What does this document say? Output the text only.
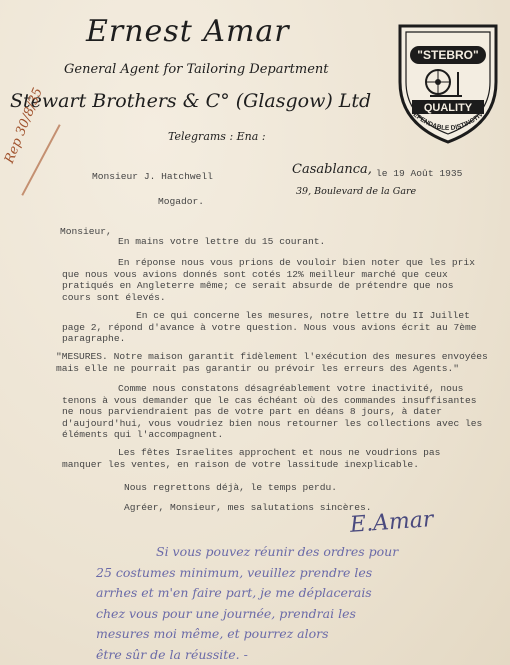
Ernest Amar
General Agent for Tailoring Department
Stewart Brothers & C° (Glasgow) Ltd
Telegrams : Ena :
"STEBRO"
QUALITY
EPENDABLE DISTINCTIV
Rep 30/8/35
Monsieur J. Hatchwell
Mogador.
Casablanca, le 19 Août 1935
39, Boulevard de la Gare
Monsieur,
En mains votre lettre du 15 courant.

En réponse nous vous prions de vouloir bien noter que les prix

que nous vous avions donnés sont cotés 12% meilleur marché que ceux

pratiqués en Angleterre même; ce serait absurde de prétendre que nos

cours sont élevés.

En ce qui concerne les mesures, notre lettre du II Juillet

page 2, répond d'avance à votre question. Nous vous avions écrit au 7ème

paragraphe.

"MESURES. Notre maison garantit fidèlement l'exécution des mesures envoyées

mais elle ne pourrait pas garantir ou prévoir les erreurs des Agents."

Comme nous constatons désagréablement votre inactivité, nous

tenons à vous demander que le cas échéant où des commandes insuffisantes

ne nous parviendraient pas de votre part en déans 8 jours, à dater

d'aujourd'hui, vous voudriez bien nous retourner les collections avec les

éléments qui l'accompagnent.

Les fêtes Israelites approchent et nous ne voudrions pas

manquer les ventes, en raison de votre lassitude inexplicable.

Nous regrettons déjà, le temps perdu.
Agréer, Monsieur, mes salutations sincères.
E.Amar
Si vous pouvez réunir des ordres pour
25 costumes minimum, veuillez prendre les
arrhes et m'en faire part, je me déplacerais
chez vous pour une journée, prendrai les
mesures moi même, et pourrez alors
être sûr de la réussite. -
